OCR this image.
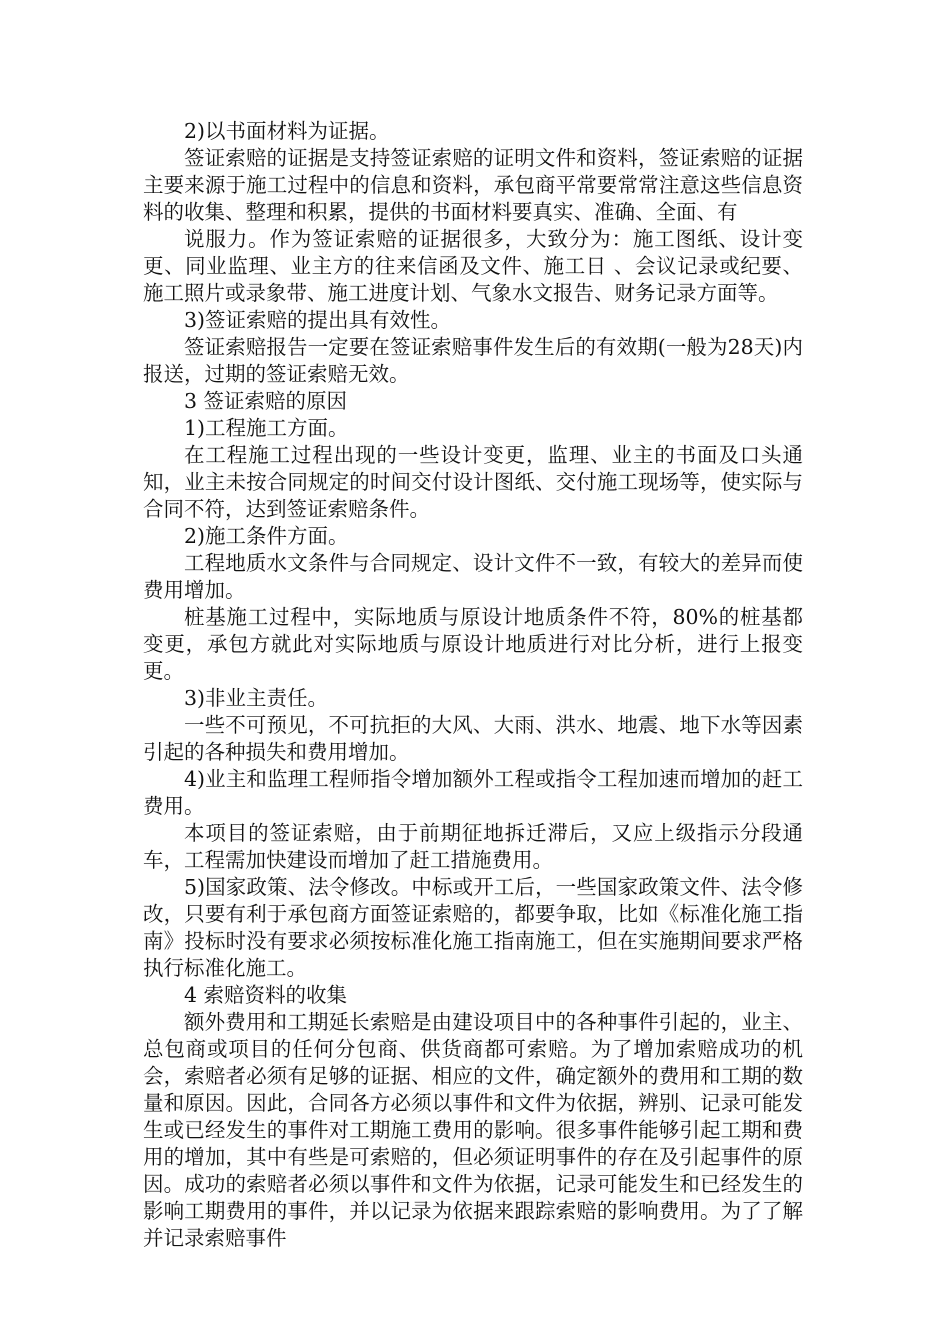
2)以书面材料为证据。

签证索赔的证据是支持签证索赔的证明文件和资料，签证索赔的证据主要来源于施工过程中的信息和资料，承包商平常要常常注意这些信息资料的收集、整理和积累，提供的书面材料要真实、准确、全面、有

说服力。作为签证索赔的证据很多，大致分为：施工图纸、设计变更、同业监理、业主方的往来信函及文件、施工日 、会议记录或纪要、施工照片或录象带、施工进度计划、气象水文报告、财务记录方面等。

3)签证索赔的提出具有效性。

签证索赔报告一定要在签证索赔事件发生后的有效期(一般为28天)内报送，过期的签证索赔无效。

3 签证索赔的原因

1)工程施工方面。

在工程施工过程出现的一些设计变更，监理、业主的书面及口头通知，业主未按合同规定的时间交付设计图纸、交付施工现场等，使实际与合同不符，达到签证索赔条件。

2)施工条件方面。

工程地质水文条件与合同规定、设计文件不一致，有较大的差异而使费用增加。

桩基施工过程中，实际地质与原设计地质条件不符，80%的桩基都变更，承包方就此对实际地质与原设计地质进行对比分析，进行上报变更。

3)非业主责任。

一些不可预见，不可抗拒的大风、大雨、洪水、地震、地下水等因素引起的各种损失和费用增加。

4)业主和监理工程师指令增加额外工程或指令工程加速而增加的赶工费用。

本项目的签证索赔，由于前期征地拆迁滞后，又应上级指示分段通车，工程需加快建设而增加了赶工措施费用。

5)国家政策、法令修改。中标或开工后，一些国家政策文件、法令修改，只要有利于承包商方面签证索赔的，都要争取，比如《标准化施工指南》投标时没有要求必须按标准化施工指南施工，但在实施期间要求严格执行标准化施工。

4 索赔资料的收集

额外费用和工期延长索赔是由建设项目中的各种事件引起的，业主、总包商或项目的任何分包商、供货商都可索赔。为了增加索赔成功的机会，索赔者必须有足够的证据、相应的文件，确定额外的费用和工期的数量和原因。因此，合同各方必须以事件和文件为依据，辨别、记录可能发生或已经发生的事件对工期施工费用的影响。很多事件能够引起工期和费用的增加，其中有些是可索赔的，但必须证明事件的存在及引起事件的原因。成功的索赔者必须以事件和文件为依据，记录可能发生和已经发生的影响工期费用的事件，并以记录为依据来跟踪索赔的影响费用。为了了解并记录索赔事件
